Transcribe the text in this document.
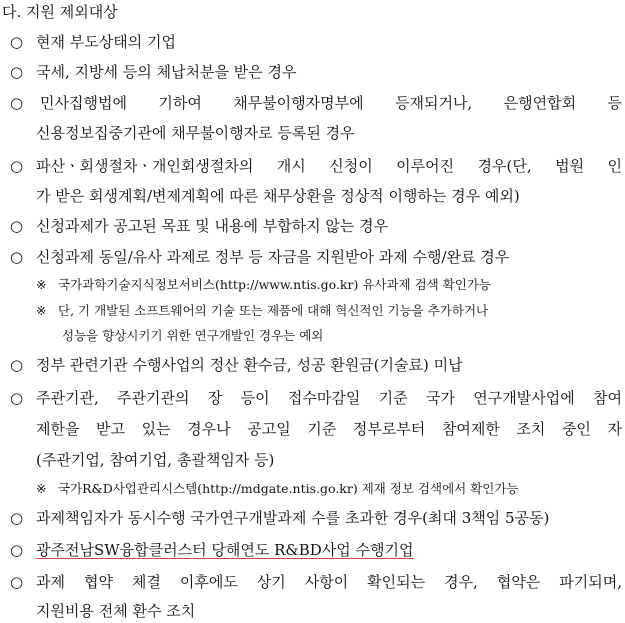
다. 지원 제외대상
○ 현재 부도상태의 기업
○ 국세, 지방세 등의 체납처분을 받은 경우
○ 민사집행법에 기하여 채무불이행자명부에 등재되거나, 은행연합회 등
신용정보집중기관에 채무불이행자로 등록된 경우
○ 파산ㆍ회생절차ㆍ개인회생절차의 개시 신청이 이루어진 경우(단, 법원 인
가 받은 회생계획/변제계획에 따른 채무상환을 정상적 이행하는 경우 예외)
○ 신청과제가 공고된 목표 및 내용에 부합하지 않는 경우
○ 신청과제 동일/유사 과제로 정부 등 자금을 지원받아 과제 수행/완료 경우
※ 국가과학기술지식정보서비스(http://www.ntis.go.kr) 유사과제 검색 확인가능
※ 단, 기 개발된 소프트웨어의 기술 또는 제품에 대해 혁신적인 기능을 추가하거나
성능을 향상시키기 위한 연구개발인 경우는 예외
○ 정부 관련기관 수행사업의 정산 환수금, 성공 환원금(기술료) 미납
○ 주관기관, 주관기관의 장 등이 접수마감일 기준 국가 연구개발사업에 참여
제한을 받고 있는 경우나 공고일 기준 정부로부터 참여제한 조치 중인 자
(주관기업, 참여기업, 총괄책임자 등)
※ 국가R&D사업관리시스템(http://mdgate.ntis.go.kr) 제재 정보 검색에서 확인가능
○ 과제책임자가 동시수행 국가연구개발과제 수를 초과한 경우(최대 3책임 5공동)
○ 광주전남SW융합클러스터 당해연도 R&BD사업 수행기업
○ 과제 협약 체결 이후에도 상기 사항이 확인되는 경우, 협약은 파기되며,
지원비용 전체 환수 조치
